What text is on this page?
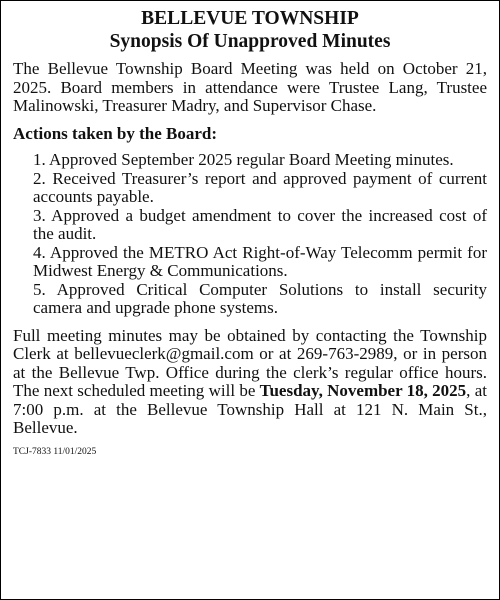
BELLEVUE TOWNSHIP
Synopsis Of Unapproved Minutes

The Bellevue Township Board Meeting was held on October 21, 2025. Board members in attendance were Trustee Lang, Trustee Malinowski, Treasurer Madry, and Supervisor Chase.

Actions taken by the Board:

1. Approved September 2025 regular Board Meeting minutes.
2. Received Treasurer’s report and approved payment of current accounts payable.
3. Approved a budget amendment to cover the increased cost of the audit.
4. Approved the METRO Act Right-of-Way Telecomm permit for Midwest Energy & Communications.
5. Approved Critical Computer Solutions to install security camera and upgrade phone systems.

Full meeting minutes may be obtained by contacting the Township Clerk at bellevueclerk@gmail.com or at 269-763-2989, or in person at the Bellevue Twp. Office during the clerk’s regular office hours. The next scheduled meeting will be Tuesday, November 18, 2025, at 7:00 p.m. at the Bellevue Township Hall at 121 N. Main St., Bellevue.

TCJ-7833 11/01/2025
